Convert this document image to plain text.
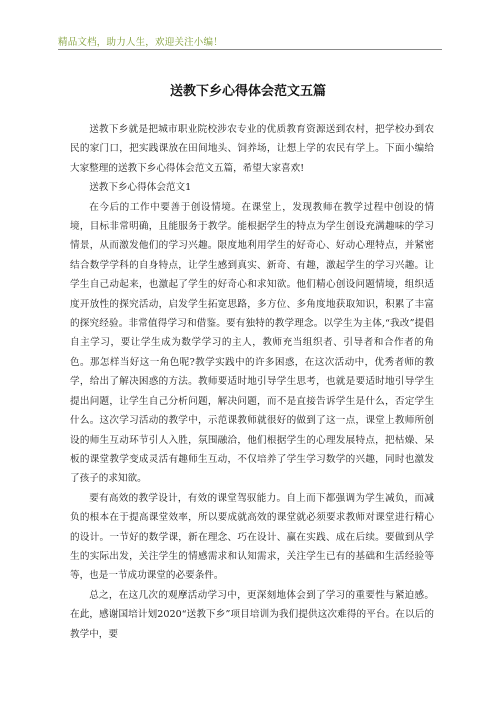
精品文档，助力人生，欢迎关注小编！
送教下乡心得体会范文五篇

送教下乡就是把城市职业院校涉农专业的优质教育资源送到农村，把学校办到农民的家门口，把实践课放在田间地头、饲养场，让想上学的农民有学上。下面小编给大家整理的送教下乡心得体会范文五篇，希望大家喜欢!

送教下乡心得体会范文1

在今后的工作中要善于创设情境。在课堂上，发现教师在教学过程中创设的情境，目标非常明确，且能服务于教学。能根据学生的特点为学生创设充满趣味的学习情景，从而激发他们的学习兴趣。限度地利用学生的好奇心、好动心理特点，并紧密结合数学学科的自身特点，让学生感到真实、新奇、有趣，激起学生的学习兴趣。让学生自己动起来，也激起了学生的好奇心和求知欲。他们精心创设问题情境，组织适度开放性的探究活动，启发学生拓宽思路，多方位、多角度地获取知识，积累了丰富的探究经验。非常值得学习和借鉴。要有独特的教学理念。以学生为主体,“我改”提倡自主学习，要让学生成为数学学习的主人，教师充当组织者、引导者和合作者的角色。那怎样当好这一角色呢?教学实践中的许多困惑，在这次活动中，优秀者师的教学，给出了解决困惑的方法。教师要适时地引导学生思考，也就是要适时地引导学生提出问题，让学生自己分析问题，解决问题，而不是直接告诉学生是什么，否定学生什么。这次学习活动的教学中，示范课教师就很好的做到了这一点，课堂上教师所创设的师生互动环节引人入胜，氛围融洽，他们根据学生的心理发展特点，把枯燥、呆板的课堂教学变成灵活有趣师生互动，不仅培养了学生学习数学的兴趣，同时也激发了孩子的求知欲。

要有高效的教学设计，有效的课堂驾驭能力。自上而下都强调为学生减负，而减负的根本在于提高课堂效率，所以要成就高效的课堂就必须要求教师对课堂进行精心的设计。一节好的数学课，新在理念、巧在设计、赢在实践、成在后续。要做到从学生的实际出发，关注学生的情感需求和认知需求，关注学生已有的基础和生活经验等等，也是一节成功课堂的必要条件。

总之，在这几次的观摩活动学习中，更深刻地体会到了学习的重要性与紧迫感。在此，感谢国培计划2020“送教下乡”项目培训为我们提供这次难得的平台。在以后的教学中，要
